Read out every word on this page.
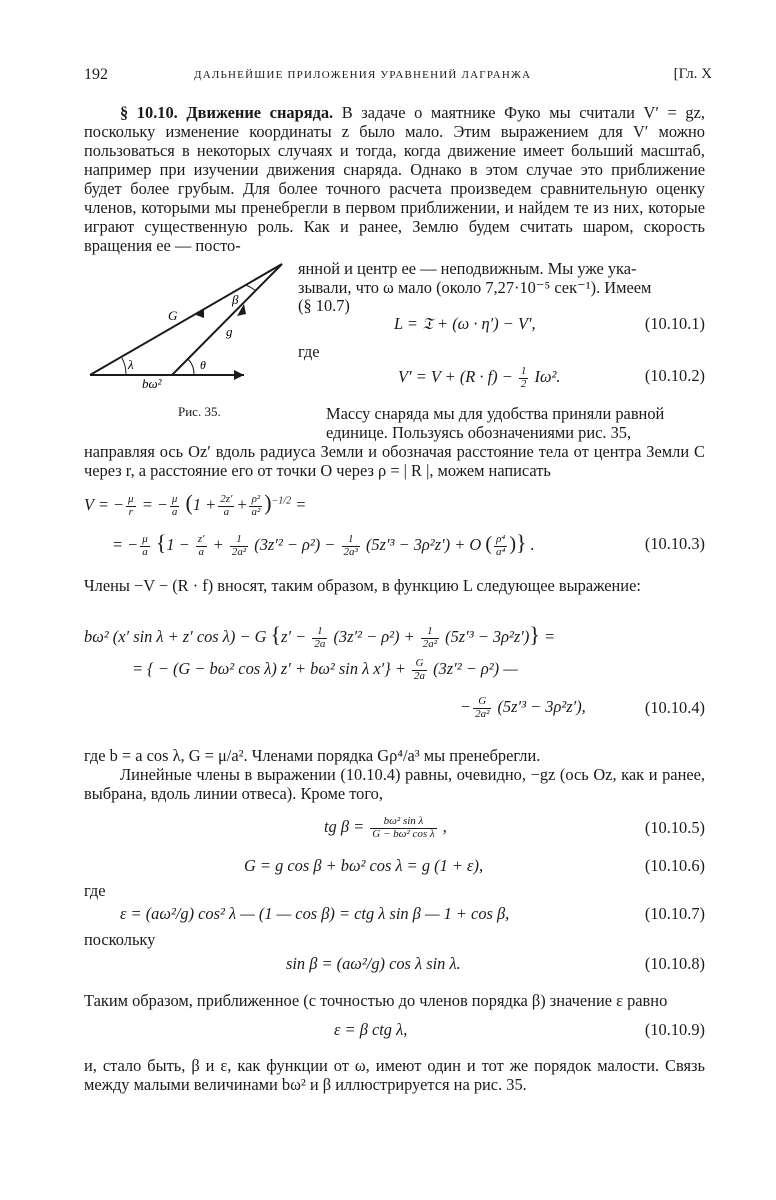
192	ДАЛЬНЕЙШИЕ ПРИЛОЖЕНИЯ УРАВНЕНИЙ ЛАГРАНЖА	[Гл. X
§ 10.10. Движение снаряда. В задаче о маятнике Фуко мы считали V′ = gz, поскольку изменение координаты z было мало. Этим выражением для V′ можно пользоваться в некоторых случаях и тогда, когда движение имеет больший масштаб, например при изучении движения снаряда. Однако в этом случае это приближение будет более грубым. Для более точного расчета произведем сравнительную оценку членов, которыми мы пренебрегли в первом приближении, и найдем те из них, которые играют существенную роль. Как и ранее, Землю будем считать шаром, скорость вращения ее — посто-
G
β
g
λ	θ
bω²
Рис. 35.
янной и центр ее — неподвижным. Мы уже ука-
зывали, что ω мало (около 7,27·10⁻⁵ сек⁻¹). Имеем
(§ 10.7)
L = 𝔗 + (ω · η′) − V′,	(10.10.1)
где
$V' = V + (R \cdot f) - \frac{1}{2} I\omega^2$.	(10.10.2)
Массу снаряда мы для удобства приняли равной
единице. Пользуясь обозначениями рис. 35,
направляя ось Oz′ вдоль радиуса Земли и обозначая расстояние тела от центра Земли C через r, а расстояние его от точки O через ρ = | R |, можем написать
V = − $\frac{\mu}{r}$ = − $\frac{\mu}{a} (1 + \frac{2z'}{a} + \frac{\text{ρ²}}{\text{a²}} )^{-1/2}$ =
= − $\frac{\mu}{a} \{1 - \frac{z'}{a} + \frac{1}{\text{2a²}} (3z'^2 - \rho^2) - \frac{1}{\text{2a³}} (5z'^3 - 3\rho^2z') + O$ ( $\frac{\text{ρ⁴}}{\text{a⁴}}$ )} .	(10.10.3)
Члены −V − (R · f) вносят, таким образом, в функцию L следующее выражение:
bω² (x′ sin λ + z′ cos λ) − G $\{z' - \frac{1}{2a} (3z'^2 - \rho^2) + \frac{1}{\text{2a²}} (5z'^3 - 3\rho^2z')\}$ =
= { − (G − bω² cos λ) z′ + bω² sin λ $x'\} + \frac{G}{2a} (3z'^2 - \rho^2)$ —
− $\frac{G}{\text{2a²}} (5z'^3 - 3\rho^2z')$,	(10.10.4)
где b = a cos λ, G = μ/a². Членами порядка Gρ⁴/a³ мы пренебрегли.
Линейные члены в выражении (10.10.4) равны, очевидно, −gz (ось Oz, как и ранее, выбрана, вдоль линии отвеса). Кроме того,
tg $\beta = \frac{\text{bω² sin λ}}{\text{G − bω² cos λ}}$ ,	(10.10.5)
G = g cos β + bω² cos λ = g (1 + ε),	(10.10.6)
где
ε = (aω²/g) cos² λ — (1 — cos β) = ctg λ sin β — 1 + cos β,	(10.10.7)
поскольку
sin β = (aω²/g) cos λ sin λ.	(10.10.8)
Таким образом, приближенное (с точностью до членов порядка β) значение ε равно
ε = β ctg λ,	(10.10.9)
и, стало быть, β и ε, как функции от ω, имеют один и тот же порядок малости. Связь между малыми величинами bω² и β иллюстрируется на рис. 35.
